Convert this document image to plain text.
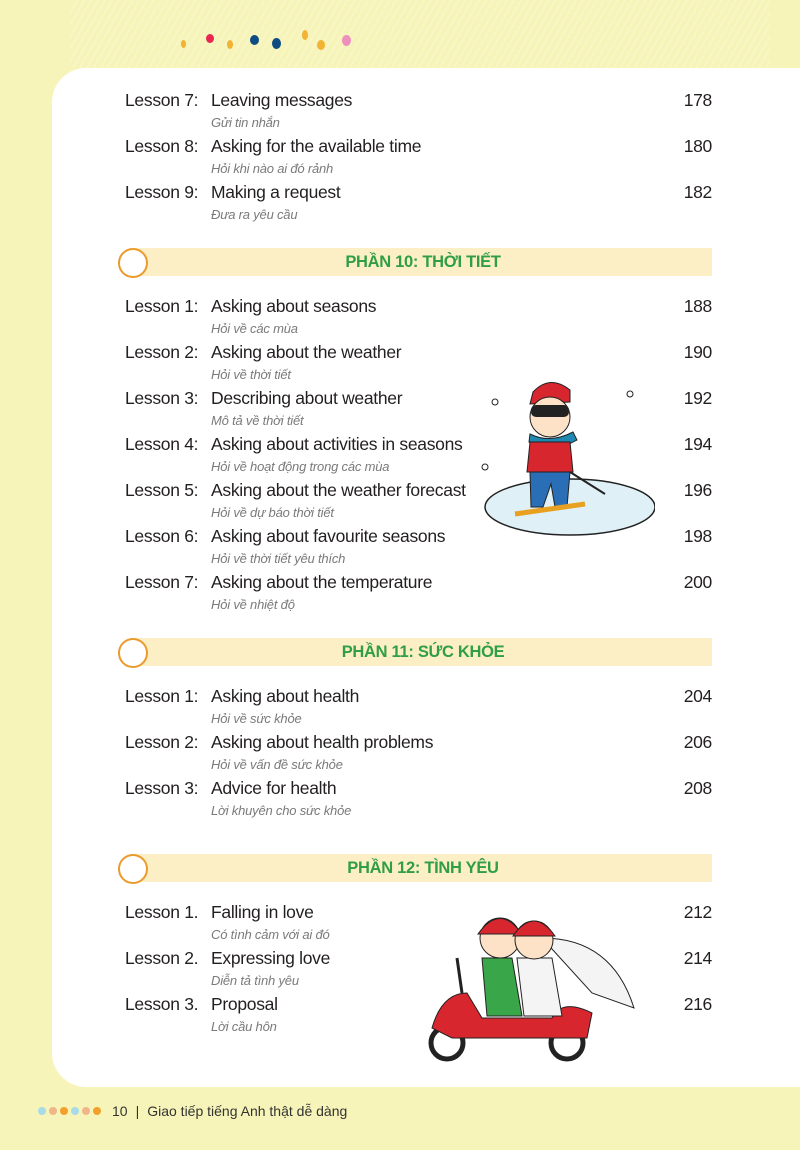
Lesson 7: Leaving messages	178
Gửi tin nhắn
Lesson 8: Asking for the available time	180
Hỏi khi nào ai đó rảnh
Lesson 9: Making a request	182
Đưa ra yêu cầu
PHẦN 10: THỜI TIẾT
Lesson 1: Asking about seasons	188
Hỏi về các mùa
Lesson 2: Asking about the weather	190
Hỏi về thời tiết
Lesson 3: Describing about weather	192
Mô tả về thời tiết
Lesson 4: Asking about activities in seasons	194
Hỏi về hoạt động trong các mùa
Lesson 5: Asking about the weather forecast	196
Hỏi về dự báo thời tiết
Lesson 6: Asking about favourite seasons	198
Hỏi về thời tiết yêu thích
Lesson 7: Asking about the temperature	200
Hỏi về nhiệt độ
PHẦN 11: SỨC KHỎE
Lesson 1: Asking about health	204
Hỏi về sức khỏe
Lesson 2: Asking about health problems	206
Hỏi về vấn đề sức khỏe
Lesson 3: Advice for health	208
Lời khuyên cho sức khỏe
PHẦN 12: TÌNH YÊU
Lesson 1. Falling in love	212
Có tình cảm với ai đó
Lesson 2. Expressing love	214
Diễn tả tình yêu
Lesson 3. Proposal	216
Lời cầu hôn
10 | Giao tiếp tiếng Anh thật dễ dàng
